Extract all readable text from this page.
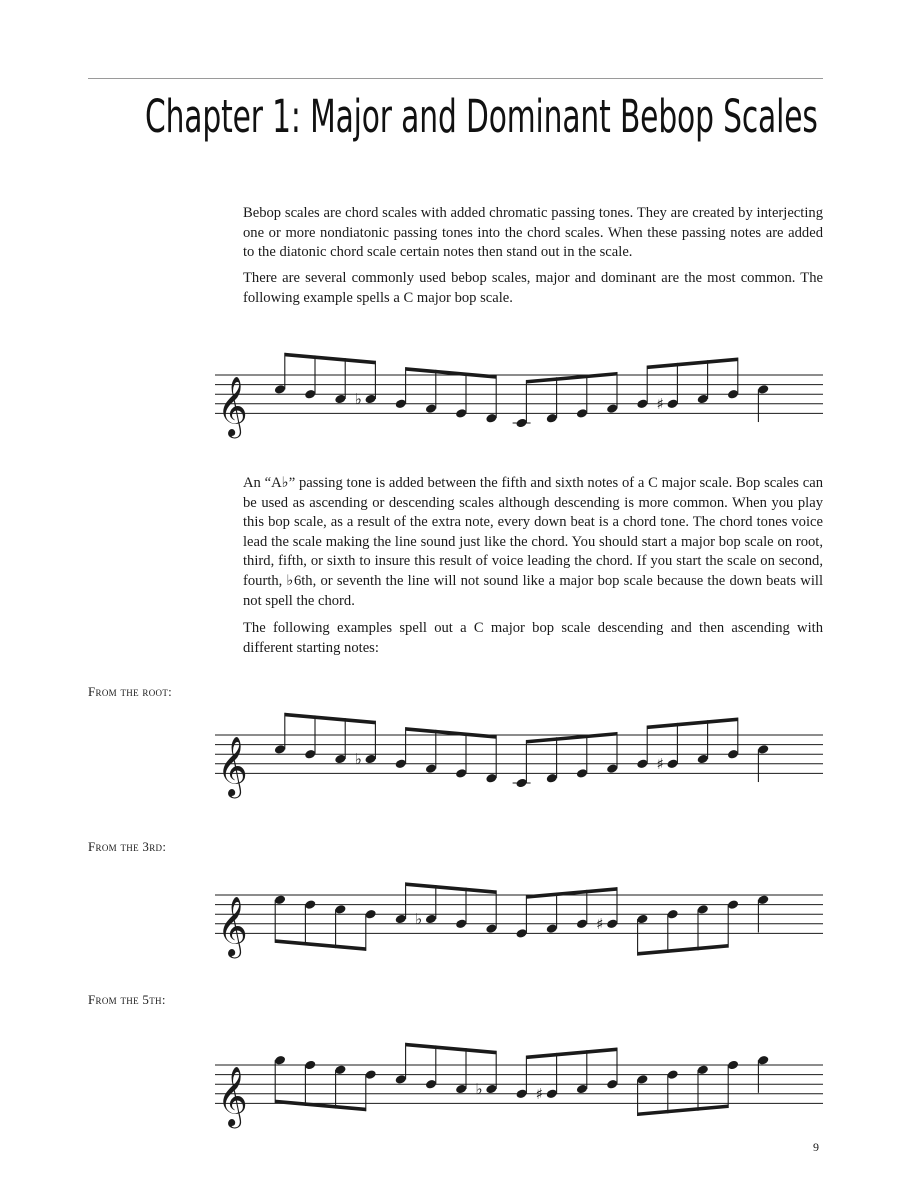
Chapter 1: Major and Dominant Bebop Scales

Bebop scales are chord scales with added chromatic passing tones. They are created by interjecting one or more nondiatonic passing tones into the chord scales. When these passing notes are added to the diatonic chord scale certain notes then stand out in the scale.

There are several commonly used bebop scales, major and dominant are the most common. The following example spells a C major bop scale.

𝄞	♭	♯

An “A♭” passing tone is added between the fifth and sixth notes of a C major scale. Bop scales can be used as ascending or descending scales although descending is more common. When you play this bop scale, as a result of the extra note, every down beat is a chord tone. The chord tones voice lead the scale making the line sound just like the chord. You should start a major bop scale on root, third, fifth, or sixth to insure this result of voice leading the chord. If you start the scale on second, fourth, ♭6th, or seventh the line will not sound like a major bop scale because the down beats will not spell the chord.

The following examples spell out a C major bop scale descending and then ascending with different starting notes:

From the root:

𝄞	♭	♯

From the 3rd:

𝄞	♭	♯

From the 5th:

𝄞	♭	♯

9
